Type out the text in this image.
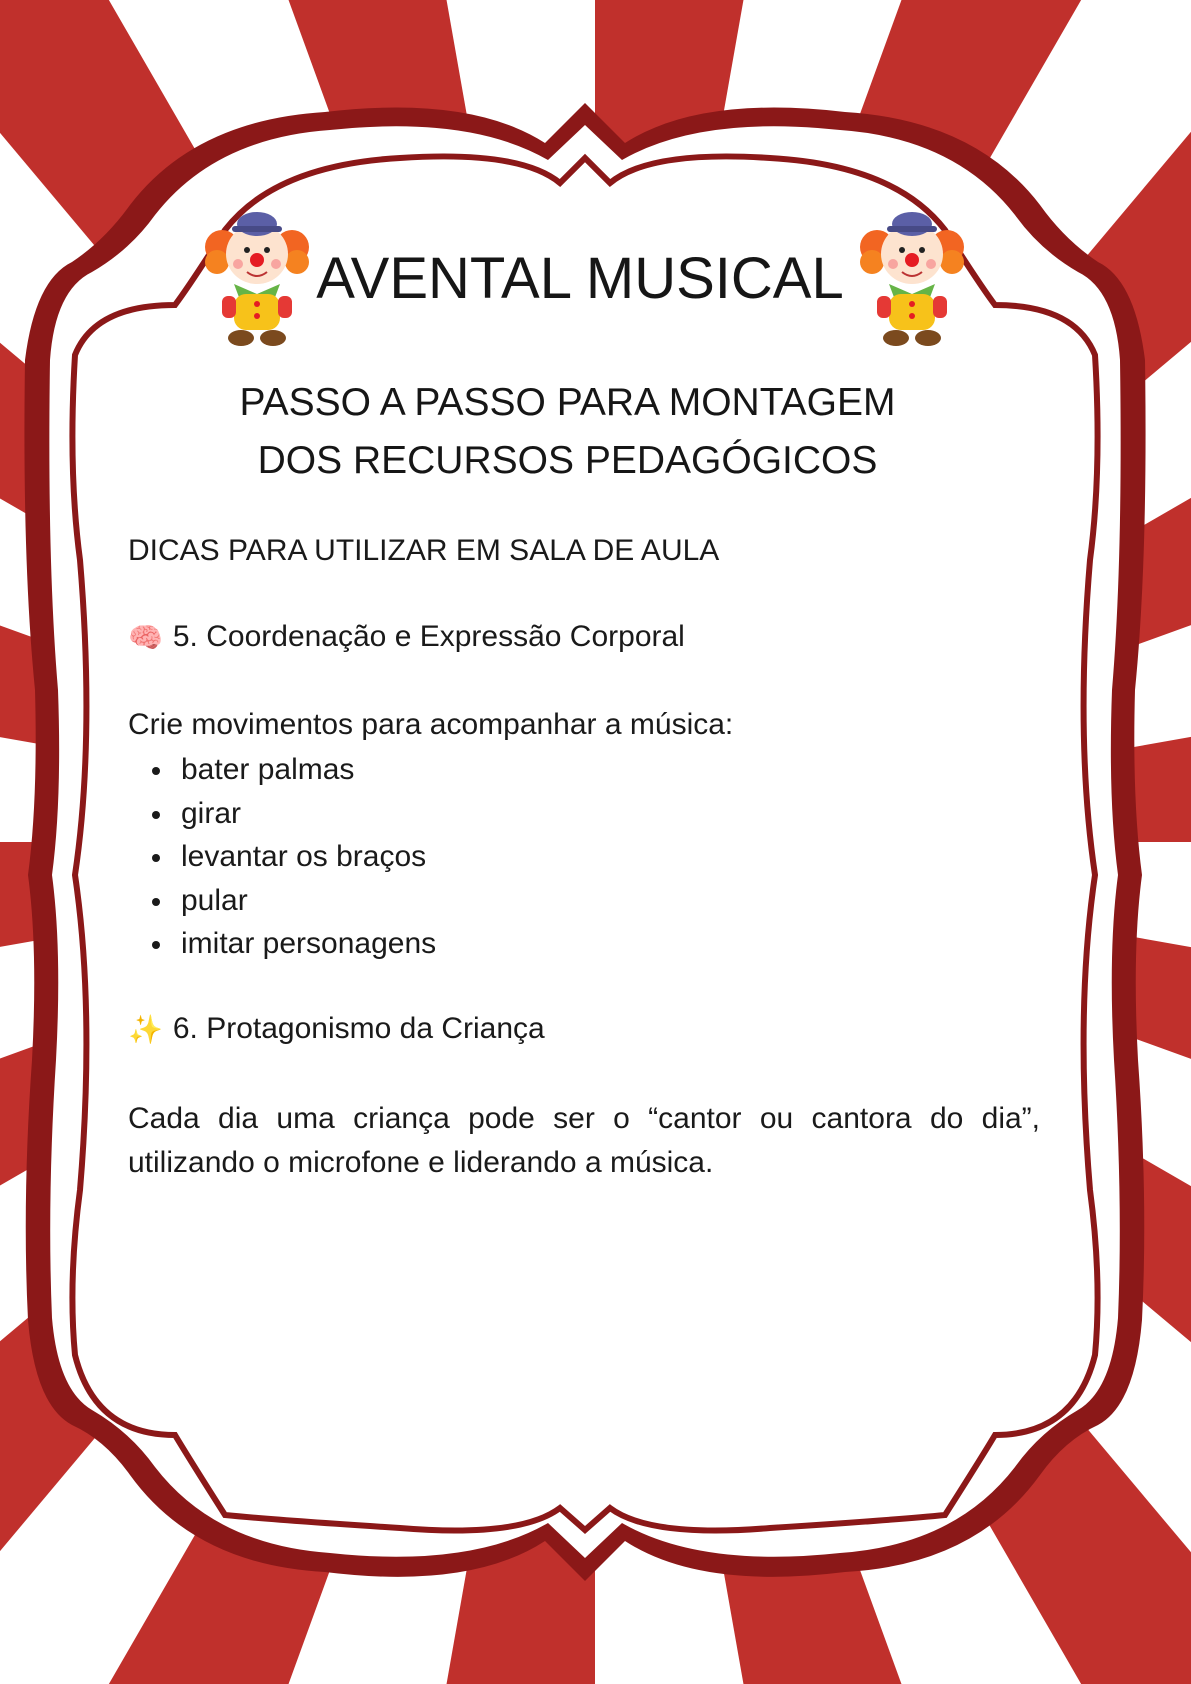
AVENTAL MUSICAL
PASSO A PASSO PARA MONTAGEM
DOS RECURSOS PEDAGÓGICOS
DICAS PARA UTILIZAR EM SALA DE AULA
🧠 5. Coordenação e Expressão Corporal
Crie movimentos para acompanhar a música:
bater palmas
girar
levantar os braços
pular
imitar personagens
✨ 6. Protagonismo da Criança
Cada dia uma criança pode ser o “cantor ou cantora do dia”, utilizando o microfone e liderando a música.
